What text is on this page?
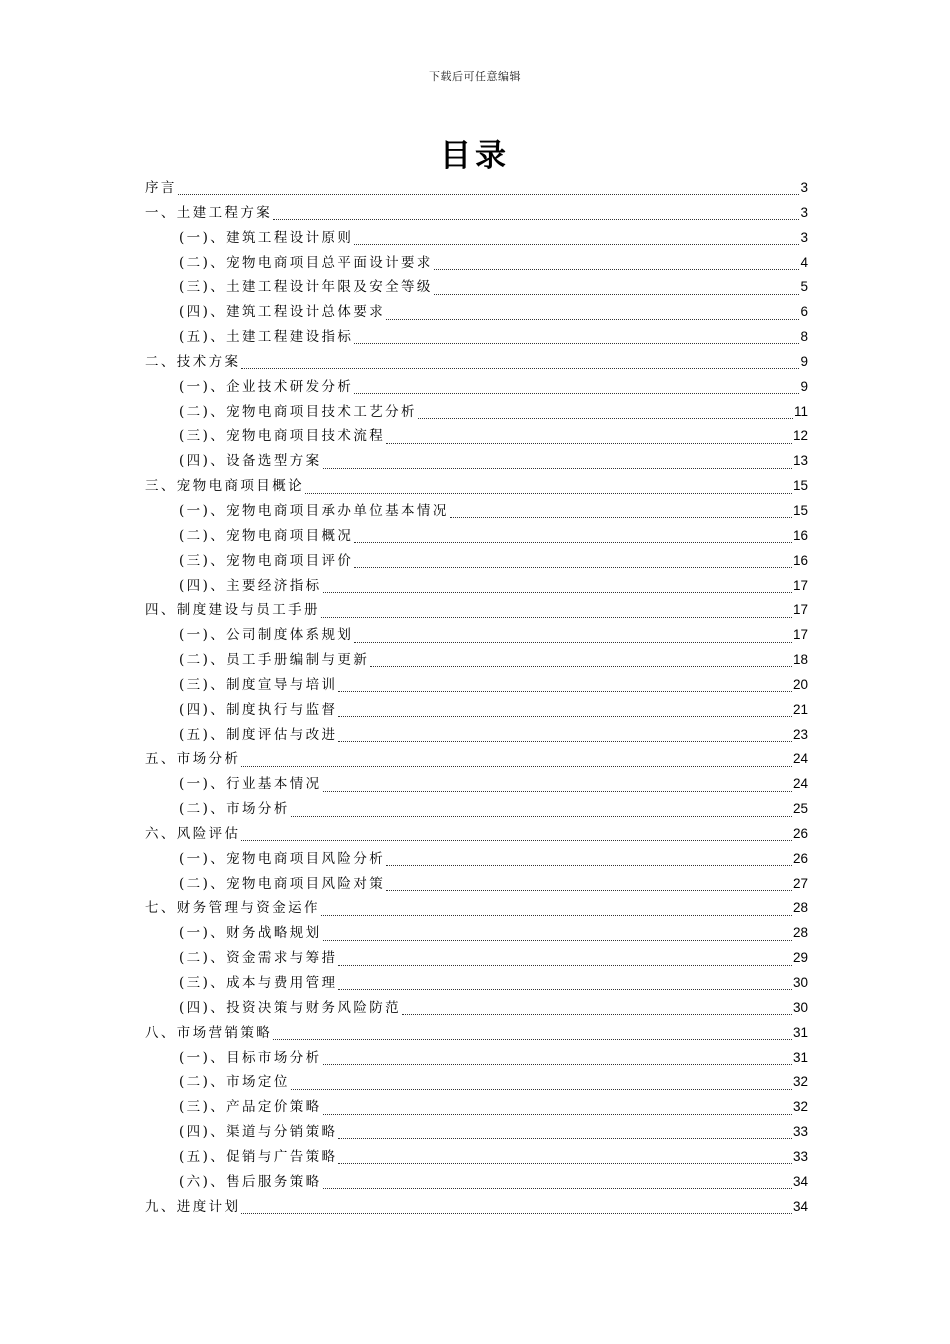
下载后可任意编辑
目录
序言	3
一、土建工程方案	3
(一)、建筑工程设计原则	3
(二)、宠物电商项目总平面设计要求	4
(三)、土建工程设计年限及安全等级	5
(四)、建筑工程设计总体要求	6
(五)、土建工程建设指标	8
二、技术方案	9
(一)、企业技术研发分析	9
(二)、宠物电商项目技术工艺分析	11
(三)、宠物电商项目技术流程	12
(四)、设备选型方案	13
三、宠物电商项目概论	15
(一)、宠物电商项目承办单位基本情况	15
(二)、宠物电商项目概况	16
(三)、宠物电商项目评价	16
(四)、主要经济指标	17
四、制度建设与员工手册	17
(一)、公司制度体系规划	17
(二)、员工手册编制与更新	18
(三)、制度宣导与培训	20
(四)、制度执行与监督	21
(五)、制度评估与改进	23
五、市场分析	24
(一)、行业基本情况	24
(二)、市场分析	25
六、风险评估	26
(一)、宠物电商项目风险分析	26
(二)、宠物电商项目风险对策	27
七、财务管理与资金运作	28
(一)、财务战略规划	28
(二)、资金需求与筹措	29
(三)、成本与费用管理	30
(四)、投资决策与财务风险防范	30
八、市场营销策略	31
(一)、目标市场分析	31
(二)、市场定位	32
(三)、产品定价策略	32
(四)、渠道与分销策略	33
(五)、促销与广告策略	33
(六)、售后服务策略	34
九、进度计划	34
